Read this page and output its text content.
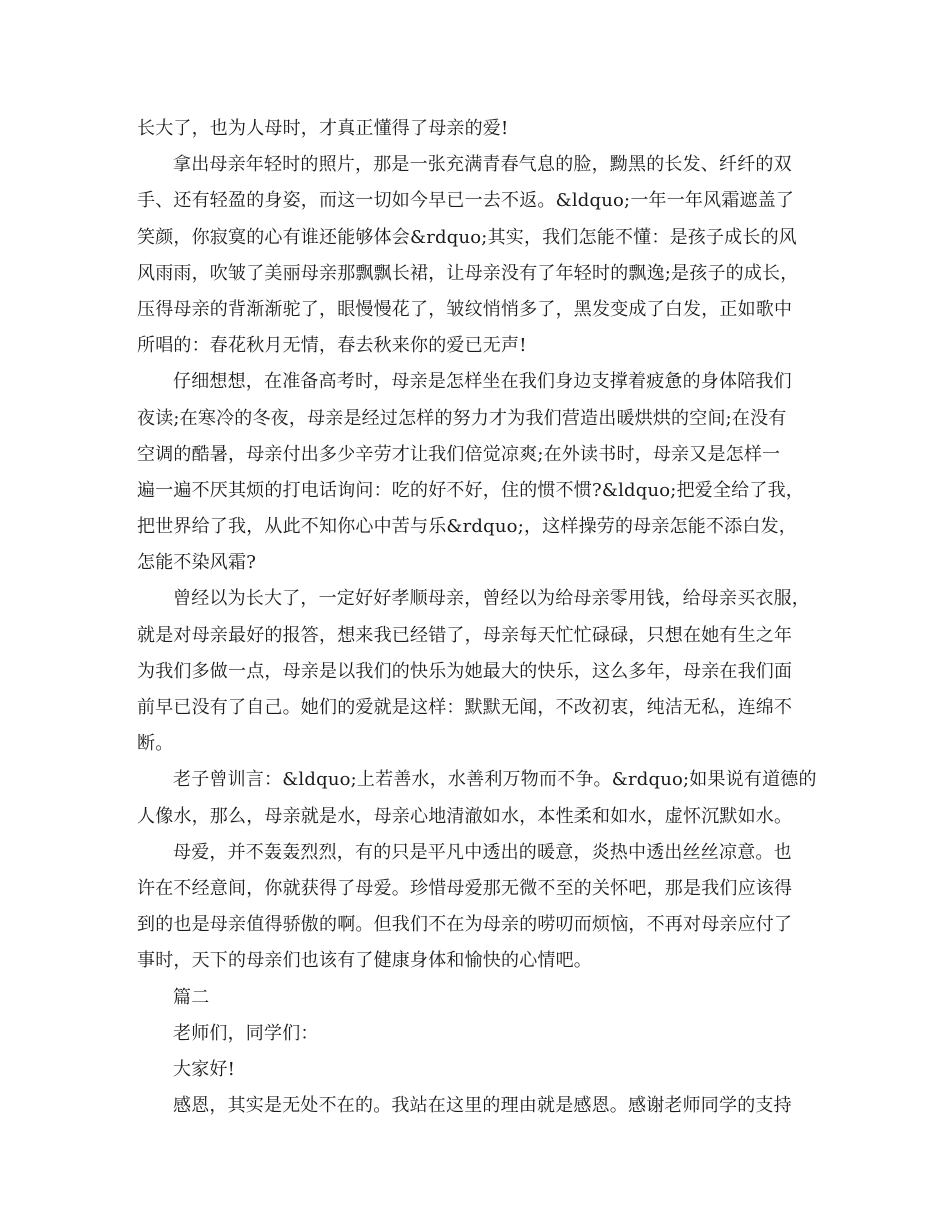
长大了，也为人母时，才真正懂得了母亲的爱!
拿出母亲年轻时的照片，那是一张充满青春气息的脸，黝黑的长发、纤纤的双
手、还有轻盈的身姿，而这一切如今早已一去不返。&ldquo;一年一年风霜遮盖了
笑颜，你寂寞的心有谁还能够体会&rdquo;其实，我们怎能不懂：是孩子成长的风
风雨雨，吹皱了美丽母亲那飘飘长裙，让母亲没有了年轻时的飘逸;是孩子的成长，
压得母亲的背渐渐驼了，眼慢慢花了，皱纹悄悄多了，黑发变成了白发，正如歌中
所唱的：春花秋月无情，春去秋来你的爱已无声!
仔细想想，在准备高考时，母亲是怎样坐在我们身边支撑着疲惫的身体陪我们
夜读;在寒冷的冬夜，母亲是经过怎样的努力才为我们营造出暖烘烘的空间;在没有
空调的酷暑，母亲付出多少辛劳才让我们倍觉凉爽;在外读书时，母亲又是怎样一
遍一遍不厌其烦的打电话询问：吃的好不好，住的惯不惯?&ldquo;把爱全给了我，
把世界给了我，从此不知你心中苦与乐&rdquo;，这样操劳的母亲怎能不添白发，
怎能不染风霜?
曾经以为长大了，一定好好孝顺母亲，曾经以为给母亲零用钱，给母亲买衣服，
就是对母亲最好的报答，想来我已经错了，母亲每天忙忙碌碌，只想在她有生之年
为我们多做一点，母亲是以我们的快乐为她最大的快乐，这么多年，母亲在我们面
前早已没有了自己。她们的爱就是这样：默默无闻，不改初衷，纯洁无私，连绵不
断。
老子曾训言：&ldquo;上若善水，水善利万物而不争。&rdquo;如果说有道德的
人像水，那么，母亲就是水，母亲心地清澈如水，本性柔和如水，虚怀沉默如水。
母爱，并不轰轰烈烈，有的只是平凡中透出的暖意，炎热中透出丝丝凉意。也
许在不经意间，你就获得了母爱。珍惜母爱那无微不至的关怀吧，那是我们应该得
到的也是母亲值得骄傲的啊。但我们不在为母亲的唠叨而烦恼，不再对母亲应付了
事时，天下的母亲们也该有了健康身体和愉快的心情吧。
篇二
老师们，同学们：
大家好!
感恩，其实是无处不在的。我站在这里的理由就是感恩。感谢老师同学的支持
